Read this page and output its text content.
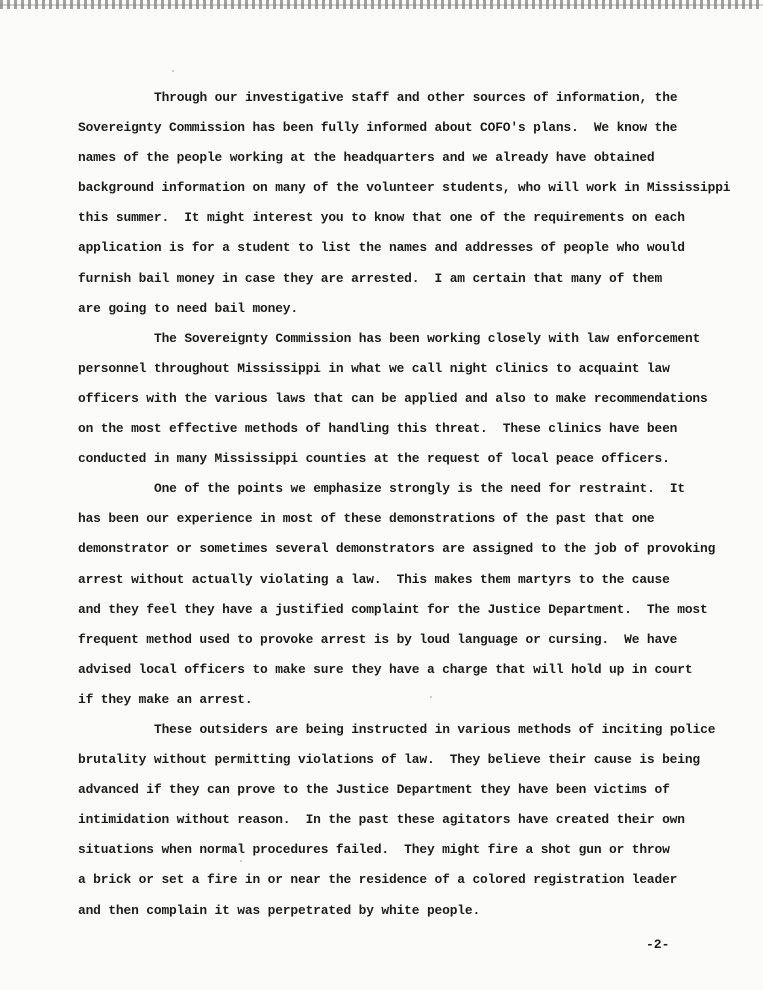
Through our investigative staff and other sources of information, the
Sovereignty Commission has been fully informed about COFO's plans.  We know the
names of the people working at the headquarters and we already have obtained
background information on many of the volunteer students, who will work in Mississippi
this summer.  It might interest you to know that one of the requirements on each
application is for a student to list the names and addresses of people who would
furnish bail money in case they are arrested.  I am certain that many of them
are going to need bail money.
The Sovereignty Commission has been working closely with law enforcement
personnel throughout Mississippi in what we call night clinics to acquaint law
officers with the various laws that can be applied and also to make recommendations
on the most effective methods of handling this threat.  These clinics have been
conducted in many Mississippi counties at the request of local peace officers.
One of the points we emphasize strongly is the need for restraint.  It
has been our experience in most of these demonstrations of the past that one
demonstrator or sometimes several demonstrators are assigned to the job of provoking
arrest without actually violating a law.  This makes them martyrs to the cause
and they feel they have a justified complaint for the Justice Department.  The most
frequent method used to provoke arrest is by loud language or cursing.  We have
advised local officers to make sure they have a charge that will hold up in court
if they make an arrest.
These outsiders are being instructed in various methods of inciting police
brutality without permitting violations of law.  They believe their cause is being
advanced if they can prove to the Justice Department they have been victims of
intimidation without reason.  In the past these agitators have created their own
situations when normal procedures failed.  They might fire a shot gun or throw
a brick or set a fire in or near the residence of a colored registration leader
and then complain it was perpetrated by white people.
-2-
